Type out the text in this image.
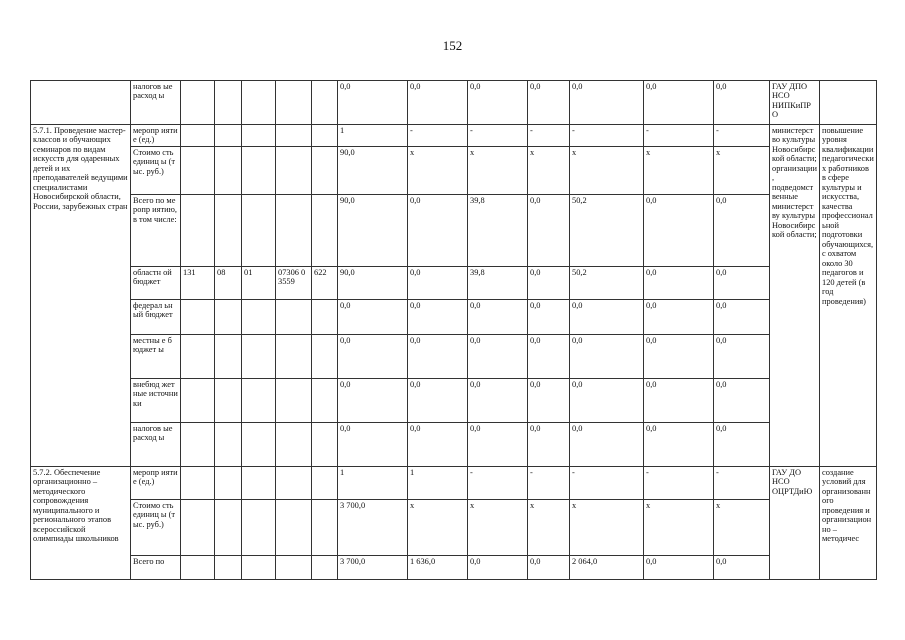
152
	налогов ые расход ы						0,0	0,0	0,0	0,0	0,0	0,0	0,0	ГАУ ДПО НСО НИПКиПР О	
5.7.1. Проведение мастер-классов и обучающих семинаров по видам искусств для одаренных детей и их преподавателей ведущими специалистами Новосибирской области, России, зарубежных стран	меропр иятие (ед.)						1	-	-	-	-	-	-	министерство культуры Новосибирской области; организации, подведомственные министерству культуры Новосибирской области;	повышение уровня квалификации педагогических работников в сфере культуры и искусства, качества профессиональной подготовки обучающихся, с охватом около 30 педагогов и 120 детей (в год проведения)
	Стоимо сть единиц ы (тыс. руб.)						90,0	x	x	x	x	x	x		
	Всего по меропр иятию, в том числе:						90,0	0,0	39,8	0,0	50,2	0,0	0,0		
	областн ой бюджет	131	08	01	07306 03559	622	90,0	0,0	39,8	0,0	50,2	0,0	0,0		
	федерал ьный бюджет						0,0	0,0	0,0	0,0	0,0	0,0	0,0		
	местны е бюджет ы						0,0	0,0	0,0	0,0	0,0	0,0	0,0		
	внебюд жетные источни ки						0,0	0,0	0,0	0,0	0,0	0,0	0,0		
	налогов ые расход ы						0,0	0,0	0,0	0,0	0,0	0,0	0,0		
5.7.2. Обеспечение организационно – методического сопровождения муниципального и регионального этапов всероссийской олимпиады школьников	меропр иятие (ед.)						1	1	-	-	-	-	-	ГАУ ДО НСО ОЦРТДиЮ	создание условий для организованного проведения и организационно – методичес
	Стоимо сть единиц ы (тыс. руб.)						3 700,0	x	x	x	x	x	x		
	Всего по						3 700,0	1 636,0	0,0	0,0	2 064,0	0,0	0,0		
